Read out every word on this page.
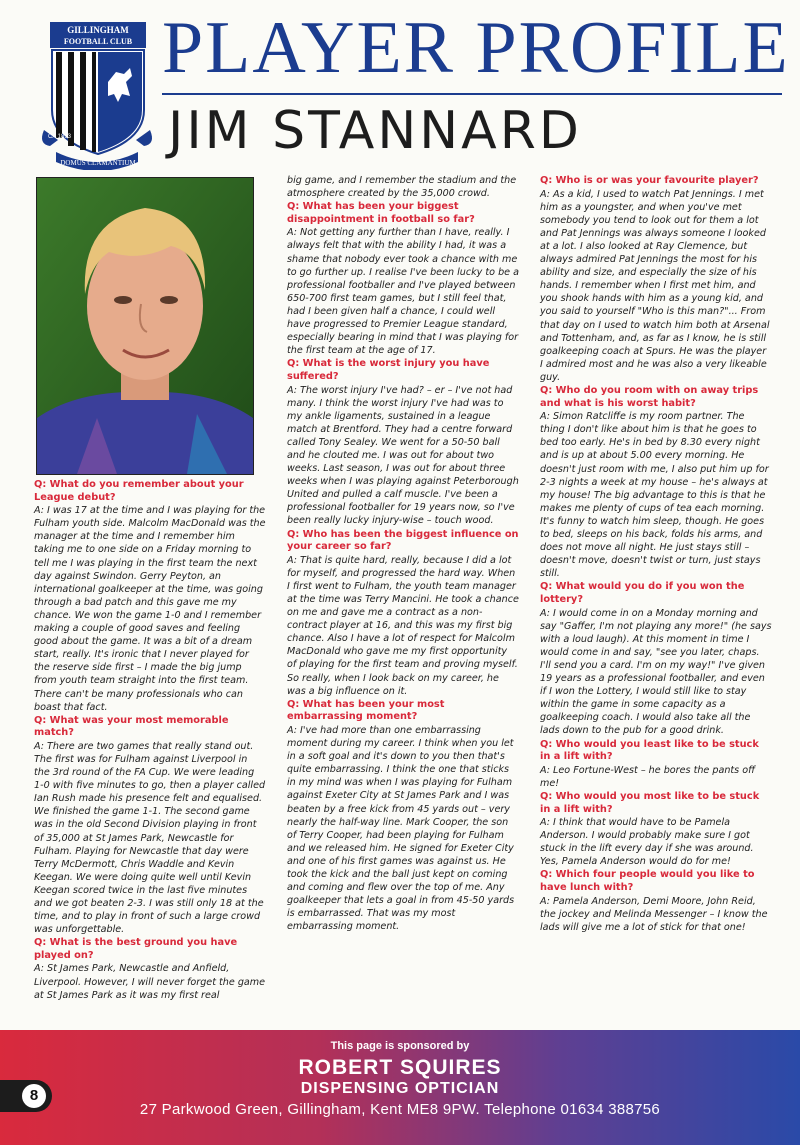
GILLINGHAM
FOOTBALL CLUB
CA 1893
DOMUS CLAMANTIUM
PLAYER PROFILE
JIM STANNARD
Q: What do you remember about your League debut?
A: I was 17 at the time and I was playing for the Fulham youth side. Malcolm MacDonald was the manager at the time and I remember him taking me to one side on a Friday morning to tell me I was playing in the first team the next day against Swindon. Gerry Peyton, an international goalkeeper at the time, was going through a bad patch and this gave me my chance. We won the game 1-0 and I remember making a couple of good saves and feeling good about the game. It was a bit of a dream start, really. It's ironic that I never played for the reserve side first – I made the big jump from youth team straight into the first team. There can't be many professionals who can boast that fact.
Q: What was your most memorable match?
A: There are two games that really stand out. The first was for Fulham against Liverpool in the 3rd round of the FA Cup. We were leading 1-0 with five minutes to go, then a player called Ian Rush made his presence felt and equalised. We finished the game 1-1. The second game was in the old Second Division playing in front of 35,000 at St James Park, Newcastle for Fulham. Playing for Newcastle that day were Terry McDermott, Chris Waddle and Kevin Keegan. We were doing quite well until Kevin Keegan scored twice in the last five minutes and we got beaten 2-3. I was still only 18 at the time, and to play in front of such a large crowd was unforgettable.
Q: What is the best ground you have played on?
A: St James Park, Newcastle and Anfield, Liverpool. However, I will never forget the game at St James Park as it was my first real
big game, and I remember the stadium and the atmosphere created by the 35,000 crowd.
Q: What has been your biggest disappointment in football so far?
A: Not getting any further than I have, really. I always felt that with the ability I had, it was a shame that nobody ever took a chance with me to go further up. I realise I've been lucky to be a professional footballer and I've played between 650-700 first team games, but I still feel that, had I been given half a chance, I could well have progressed to Premier League standard, especially bearing in mind that I was playing for the first team at the age of 17.
Q: What is the worst injury you have suffered?
A: The worst injury I've had? – er – I've not had many. I think the worst injury I've had was to my ankle ligaments, sustained in a league match at Brentford. They had a centre forward called Tony Sealey. We went for a 50-50 ball and he clouted me. I was out for about two weeks. Last season, I was out for about three weeks when I was playing against Peterborough United and pulled a calf muscle. I've been a professional footballer for 19 years now, so I've been really lucky injury-wise – touch wood.
Q: Who has been the biggest influence on your career so far?
A: That is quite hard, really, because I did a lot for myself, and progressed the hard way. When I first went to Fulham, the youth team manager at the time was Terry Mancini. He took a chance on me and gave me a contract as a non-contract player at 16, and this was my first big chance. Also I have a lot of respect for Malcolm MacDonald who gave me my first opportunity of playing for the first team and proving myself. So really, when I look back on my career, he was a big influence on it.
Q: What has been your most embarrassing moment?
A: I've had more than one embarrassing moment during my career. I think when you let in a soft goal and it's down to you then that's quite embarrassing. I think the one that sticks in my mind was when I was playing for Fulham against Exeter City at St James Park and I was beaten by a free kick from 45 yards out – very nearly the half-way line. Mark Cooper, the son of Terry Cooper, had been playing for Fulham and we released him. He signed for Exeter City and one of his first games was against us. He took the kick and the ball just kept on coming and coming and flew over the top of me. Any goalkeeper that lets a goal in from 45-50 yards is embarrassed. That was my most embarrassing moment.
Q: Who is or was your favourite player?
A: As a kid, I used to watch Pat Jennings. I met him as a youngster, and when you've met somebody you tend to look out for them a lot and Pat Jennings was always someone I looked at a lot. I also looked at Ray Clemence, but always admired Pat Jennings the most for his ability and size, and especially the size of his hands. I remember when I first met him, and you shook hands with him as a young kid, and you said to yourself "Who is this man?"... From that day on I used to watch him both at Arsenal and Tottenham, and, as far as I know, he is still goalkeeping coach at Spurs. He was the player I admired most and he was also a very likeable guy.
Q: Who do you room with on away trips and what is his worst habit?
A: Simon Ratcliffe is my room partner. The thing I don't like about him is that he goes to bed too early. He's in bed by 8.30 every night and is up at about 5.00 every morning. He doesn't just room with me, I also put him up for 2-3 nights a week at my house – he's always at my house! The big advantage to this is that he makes me plenty of cups of tea each morning. It's funny to watch him sleep, though. He goes to bed, sleeps on his back, folds his arms, and does not move all night. He just stays still – doesn't move, doesn't twist or turn, just stays still.
Q: What would you do if you won the lottery?
A: I would come in on a Monday morning and say "Gaffer, I'm not playing any more!" (he says with a loud laugh). At this moment in time I would come in and say, "see you later, chaps. I'll send you a card. I'm on my way!" I've given 19 years as a professional footballer, and even if I won the Lottery, I would still like to stay within the game in some capacity as a goalkeeping coach. I would also take all the lads down to the pub for a good drink.
Q: Who would you least like to be stuck in a lift with?
A: Leo Fortune-West – he bores the pants off me!
Q: Who would you most like to be stuck in a lift with?
A: I think that would have to be Pamela Anderson. I would probably make sure I got stuck in the lift every day if she was around. Yes, Pamela Anderson would do for me!
Q: Which four people would you like to have lunch with?
A: Pamela Anderson, Demi Moore, John Reid, the jockey and Melinda Messenger – I know the lads will give me a lot of stick for that one!
This page is sponsored by
ROBERT SQUIRES
DISPENSING OPTICIAN
27 Parkwood Green, Gillingham, Kent ME8 9PW. Telephone 01634 388756
8
